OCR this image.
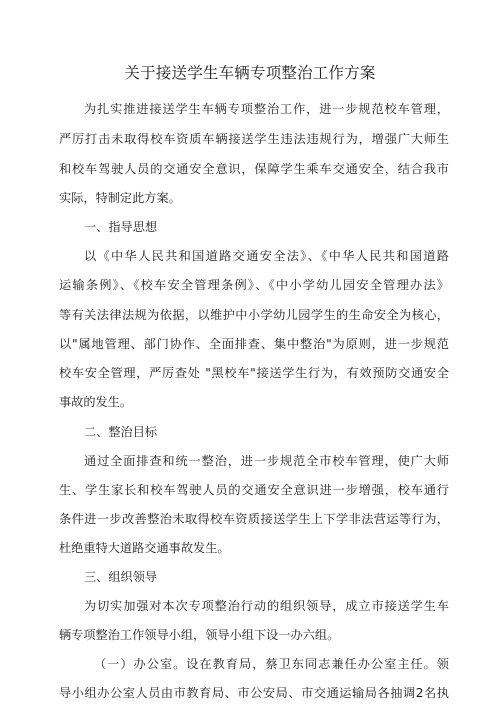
关于接送学生车辆专项整治工作方案
为扎实推进接送学生车辆专项整治工作，进一步规范校车管理，
严厉打击未取得校车资质车辆接送学生违法违规行为，增强广大师生
和校车驾驶人员的交通安全意识，保障学生乘车交通安全，结合我市
实际，特制定此方案。
一、指导思想
以《中华人民共和国道路交通安全法》、《中华人民共和国道路
运输条例》、《校车安全管理条例》、《中小学幼儿园安全管理办法》
等有关法律法规为依据，以维护中小学幼儿园学生的生命安全为核心，
以"属地管理、部门协作、全面排查、集中整治"为原则，进一步规范
校车安全管理，严厉查处 "黑校车"接送学生行为，有效预防交通安全
事故的发生。
二、整治目标
通过全面排查和统一整治，进一步规范全市校车管理，使广大师
生、学生家长和校车驾驶人员的交通安全意识进一步增强，校车通行
条件进一步改善整治未取得校车资质接送学生上下学非法营运等行为，
杜绝重特大道路交通事故发生。
三、组织领导
为切实加强对本次专项整治行动的组织领导，成立市接送学生车
辆专项整治工作领导小组，领导小组下设一办六组。
（一）办公室。设在教育局，蔡卫东同志兼任办公室主任。领
导小组办公室人员由市教育局、市公安局、市交通运输局各抽调2名执
